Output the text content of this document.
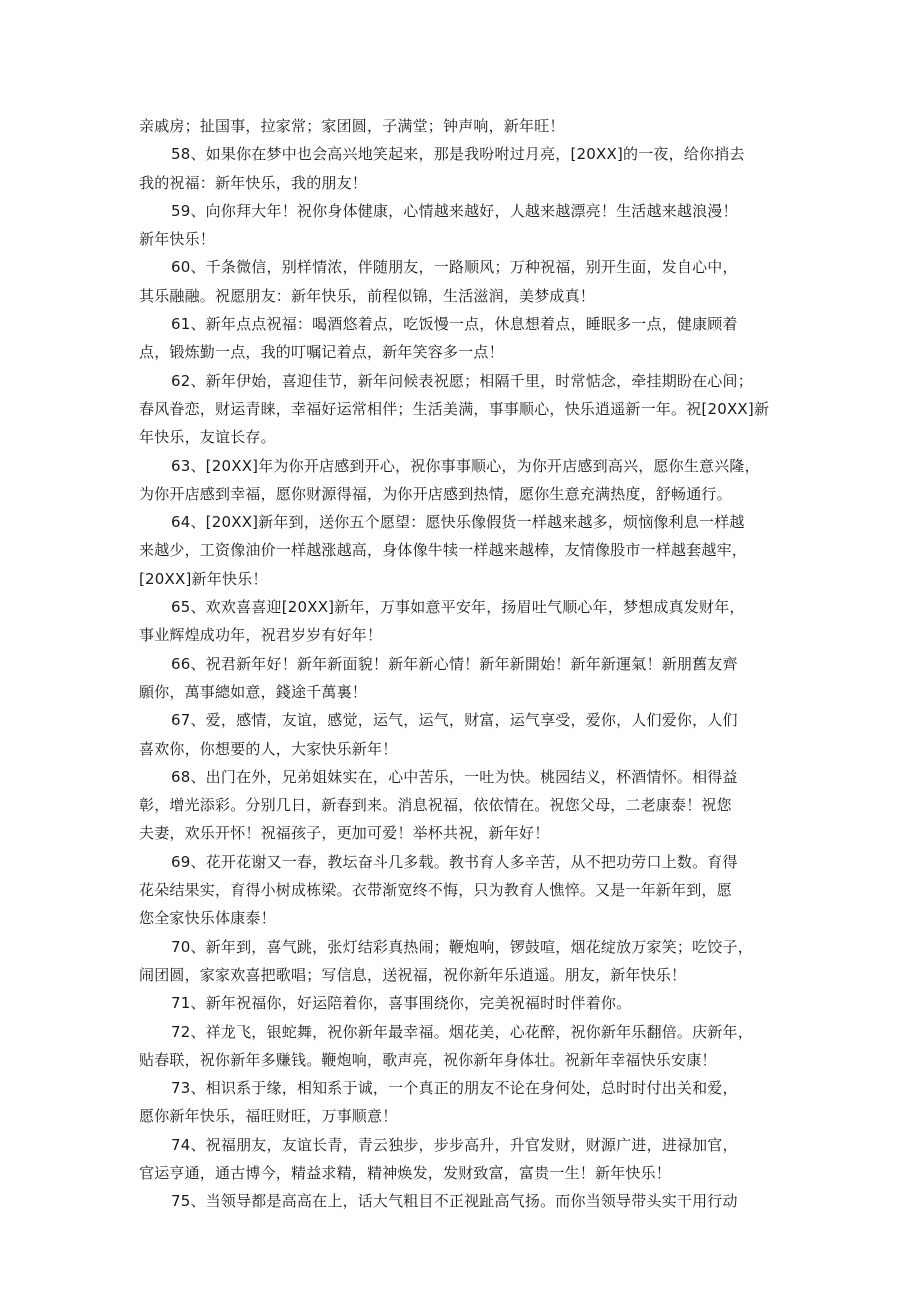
亲戚房；扯国事，拉家常；家团圆，子满堂；钟声响，新年旺！
58、如果你在梦中也会高兴地笑起来，那是我吩咐过月亮，[20XX]的一夜，给你捎去
我的祝福：新年快乐，我的朋友！
59、向你拜大年！祝你身体健康，心情越来越好，人越来越漂亮！生活越来越浪漫！
新年快乐！
60、千条微信，别样情浓，伴随朋友，一路顺风；万种祝福，别开生面，发自心中，
其乐融融。祝愿朋友：新年快乐，前程似锦，生活滋润，美梦成真！
61、新年点点祝福：喝酒悠着点，吃饭慢一点，休息想着点，睡眠多一点，健康顾着
点，锻炼勤一点，我的叮嘱记着点，新年笑容多一点！
62、新年伊始，喜迎佳节，新年问候表祝愿；相隔千里，时常惦念，牵挂期盼在心间；
春风眷恋，财运青睐，幸福好运常相伴；生活美满，事事顺心，快乐逍遥新一年。祝[20XX]新
年快乐，友谊长存。
63、[20XX]年为你开店感到开心，祝你事事顺心，为你开店感到高兴，愿你生意兴隆，
为你开店感到幸福，愿你财源得福，为你开店感到热情，愿你生意充满热度，舒畅通行。
64、[20XX]新年到，送你五个愿望：愿快乐像假货一样越来越多，烦恼像利息一样越
来越少，工资像油价一样越涨越高，身体像牛犊一样越来越棒，友情像股市一样越套越牢，
[20XX]新年快乐！
65、欢欢喜喜迎[20XX]新年，万事如意平安年，扬眉吐气顺心年，梦想成真发财年，
事业辉煌成功年，祝君岁岁有好年！
66、祝君新年好！新年新面貌！新年新心情！新年新開始！新年新運氣！新朋舊友齊
願你，萬事總如意，錢途千萬裏！
67、爱，感情，友谊，感觉，运气，运气，财富，运气享受，爱你，人们爱你，人们
喜欢你，你想要的人，大家快乐新年！
68、出门在外，兄弟姐妹实在，心中苦乐，一吐为快。桃园结义，杯酒情怀。相得益
彰，增光添彩。分别几日，新春到来。消息祝福，依依情在。祝您父母，二老康泰！祝您
夫妻，欢乐开怀！祝福孩子，更加可爱！举杯共祝，新年好！
69、花开花谢又一春，教坛奋斗几多载。教书育人多辛苦，从不把功劳口上数。育得
花朵结果实，育得小树成栋梁。衣带渐宽终不悔，只为教育人憔悴。又是一年新年到，愿
您全家快乐体康泰！
70、新年到，喜气跳，张灯结彩真热闹；鞭炮响，锣鼓喧，烟花绽放万家笑；吃饺子，
闹团圆，家家欢喜把歌唱；写信息，送祝福，祝你新年乐逍遥。朋友，新年快乐！
71、新年祝福你，好运陪着你，喜事围绕你，完美祝福时时伴着你。
72、祥龙飞，银蛇舞，祝你新年最幸福。烟花美，心花醉，祝你新年乐翻倍。庆新年，
贴春联，祝你新年多赚钱。鞭炮响，歌声亮，祝你新年身体壮。祝新年幸福快乐安康！
73、相识系于缘，相知系于诚，一个真正的朋友不论在身何处，总时时付出关和爱，
愿你新年快乐，福旺财旺，万事顺意！
74、祝福朋友，友谊长青，青云独步，步步高升，升官发财，财源广进，进禄加官，
官运亨通，通古博今，精益求精，精神焕发，发财致富，富贵一生！新年快乐！
75、当领导都是高高在上，话大气粗目不正视趾高气扬。而你当领导带头实干用行动
